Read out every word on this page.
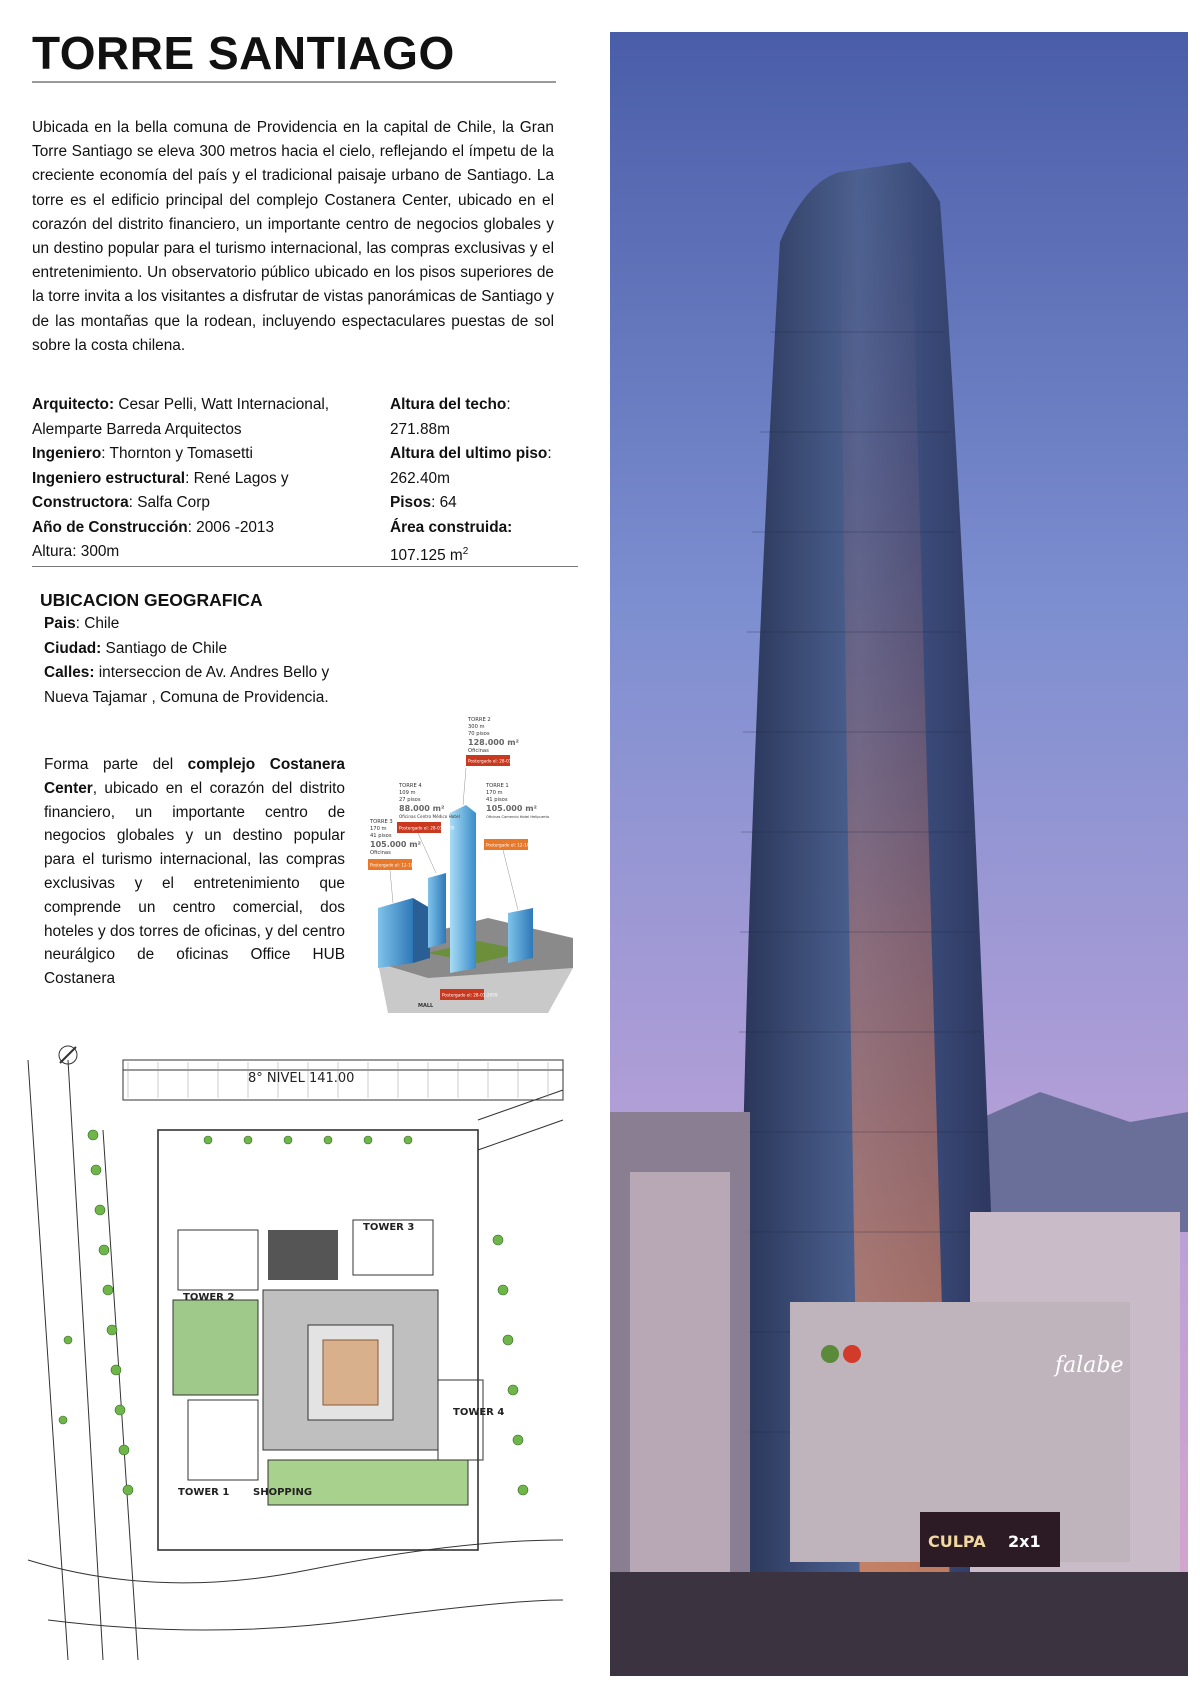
TORRE SANTIAGO

Ubicada en la bella comuna de Providencia en la capital de Chile, la Gran Torre Santiago se eleva 300 metros hacia el cielo, reflejando el ímpetu de la creciente economía del país y el tradicional paisaje urbano de Santiago. La torre es el edificio principal del complejo Costanera Center, ubicado en el corazón del distrito financiero, un importante centro de negocios globales y un destino popular para el turismo internacional, las compras exclusivas y el entretenimiento. Un observatorio público ubicado en los pisos superiores de la torre invita a los visitantes a disfrutar de vistas panorámicas de Santiago y de las montañas que la rodean, incluyendo espectaculares puestas de sol sobre la costa chilena.

Arquitecto: Cesar Pelli, Watt Internacional, Alemparte Barreda Arquitectos
Ingeniero: Thornton y Tomasetti
Ingeniero estructural: René Lagos y
Constructora: Salfa Corp
Año de Construcción: 2006 -2013
Altura: 300m
Altura del techo: 271.88m
Altura del ultimo piso: 262.40m
Pisos: 64
Área construida:
107.125 $m^2$
UBICACION GEOGRAFICA
Pais: Chile
Ciudad: Santiago de Chile
Calles: interseccion de Av. Andres Bello y Nueva Tajamar , Comuna de Providencia.

Forma parte del complejo Costanera Center, ubicado en el corazón del distrito financiero, un importante centro de negocios globales y un destino popular para el turismo internacional, las compras exclusivas y el entretenimiento que comprende un centro comercial, dos hoteles y dos torres de oficinas, y del centro neurálgico de oficinas Office HUB Costanera

TORRE 2
300 m
70 pisos
128.000 m²
Oficinas
Postergado el: 28-01-2009
TORRE 4
109 m
27 pisos
88.000 m²
Oficinas Centro Médico Hotel
Postergado el: 28-01-2009
TORRE 1
170 m
41 pisos
105.000 m²
Oficinas Comercio Hotel Helipuerto
Postergado el: 12-10-2008
TORRE 3
170 m
41 pisos
105.000 m²
Oficinas
Postergado el: 12-10-2008
Postergado el: 28-01-2009
MALL
8° NIVEL 141.00
TOWER 2
TOWER 3
TOWER 1
TOWER 4
SHOPPING
falabe
CULPA 2x1
